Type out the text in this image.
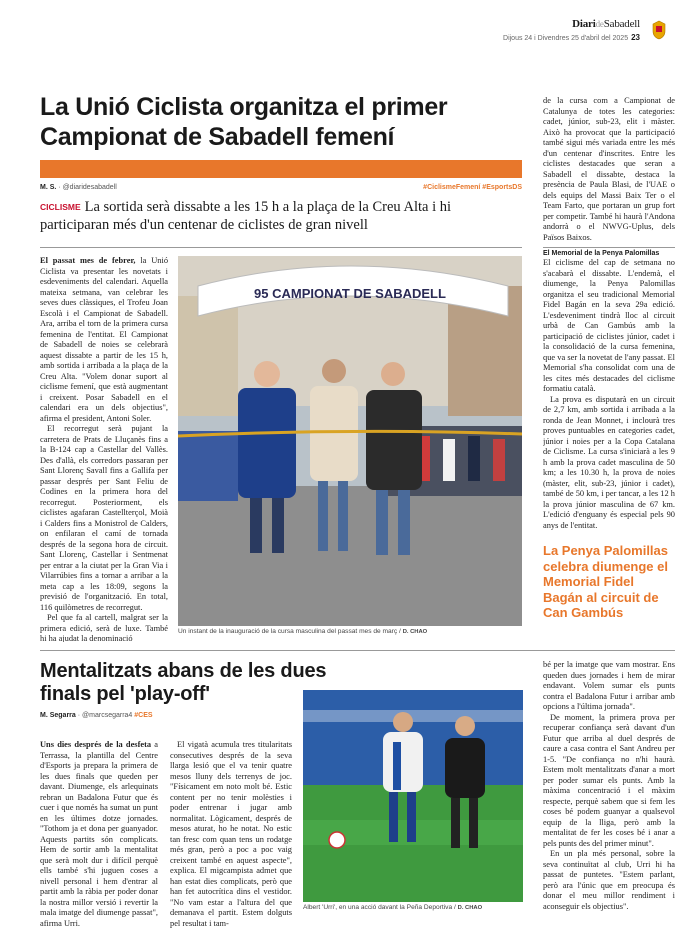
DiarideSabadell
Dijous 24 i Divendres 25 d'abril del 2025 23
La Unió Ciclista organitza el primer Campionat de Sabadell femení
M. S. · @diaridesabadell	#CiclismeFemení #EsportsDS
CICLISME La sortida serà dissabte a les 15 h a la plaça de la Creu Alta i hi participaran més d'un centenar de ciclistes de gran nivell

El passat mes de febrer, la Unió Ciclista va presentar les novetats i esdeveniments del calendari. Aquella mateixa setmana, van celebrar les seves dues clàssiques, el Trofeu Joan Escolà i el Campionat de Sabadell. Ara, arriba el torn de la primera cursa femenina de l'entitat. El Campionat de Sabadell de noies se celebrarà aquest dissabte a partir de les 15 h, amb sortida i arribada a la plaça de la Creu Alta. "Volem donar suport al ciclisme femení, que està augmentant i creixent. Posar Sabadell en el calendari era un dels objectius", afirma el president, Antoni Soler.

El recorregut serà pujant la carretera de Prats de Lluçanès fins a la B-124 cap a Castellar del Vallès. Des d'allà, els corredors passaran per Sant Llorenç Savall fins a Gallifa per passar després per Sant Feliu de Codines en la primera hora del recorregut. Posteriorment, els ciclistes agafaran Castellterçol, Moià i Calders fins a Monistrol de Calders, on enfilaran el camí de tornada després de la segona hora de circuit. Sant Llorenç, Castellar i Sentmenat per entrar a la ciutat per la Gran Via i Vilarrúbies fins a tornar a arribar a la meta cap a les 18:09, segons la previsió de l'organització. En total, 116 quilòmetres de recorregut.

Pel que fa al cartell, malgrat ser la primera edició, serà de luxe. També hi ha ajudat la denominació

95 CAMPIONAT DE SABADELL
Un instant de la inauguració de la cursa masculina del passat mes de març / D. CHAO
de la cursa com a Campionat de Catalunya de totes les categories: cadet, júnior, sub-23, elit i màster. Això ha provocat que la participació també sigui més variada entre les més d'un centenar d'inscrites. Entre les ciclistes destacades que seran a Sabadell el dissabte, destaca la presència de Paula Blasi, de l'UAE o dels equips del Massi Baix Ter o el Team Farto, que portaran un grup fort per competir. També hi haurà l'Andona andorrà o el NWVG-Uplus, dels Països Baixos.
El Memorial de la Penya Palomillas

El ciclisme del cap de setmana no s'acabarà el dissabte. L'endemà, el diumenge, la Penya Palomillas organitza el seu tradicional Memorial Fidel Bagán en la seva 29a edició. L'esdeveniment tindrà lloc al circuit urbà de Can Gambús amb la participació de ciclistes júnior, cadet i la consolidació de la cursa femenina, que va ser la novetat de l'any passat. El Memorial s'ha consolidat com una de les cites més destacades del ciclisme formatiu català.

La prova es disputarà en un circuit de 2,7 km, amb sortida i arribada a la ronda de Jean Monnet, i inclourà tres proves puntuables en categories cadet, júnior i noies per a la Copa Catalana de Ciclisme. La cursa s'iniciarà a les 9 h amb la prova cadet masculina de 50 km; a les 10.30 h, la prova de noies (màster, elit, sub-23, júnior i cadet), també de 50 km, i per tancar, a les 12 h la prova júnior masculina de 67 km. L'edició d'enguany és especial pels 90 anys de l'entitat.

La Penya Palomillas celebra diumenge el Memorial Fidel Bagán al circuit de Can Gambús
Mentalitzats abans de les dues finals pel 'play-off'
M. Segarra · @marcsegarra4 #CES

Uns dies després de la desfeta a Terrassa, la plantilla del Centre d'Esports ja prepara la primera de les dues finals que queden per davant. Diumenge, els arlequinats rebran un Badalona Futur que és cuer i que només ha sumat un punt en les últimes dotze jornades. "Tothom ja et dona per guanyador. Aquests partits són complicats. Hem de sortir amb la mentalitat que serà molt dur i difícil perquè ells també s'hi juguen coses a nivell personal i hem d'entrar al partit amb la ràbia per poder donar la nostra millor versió i revertir la mala imatge del diumenge passat", afirma Urri.

El vigatà acumula tres titularitats consecutives després de la seva llarga lesió que el va tenir quatre mesos lluny dels terrenys de joc. "Físicament em noto molt bé. Estic content per no tenir molèsties i poder entrenar i jugar amb normalitat. Lògicament, després de mesos aturat, ho he notat. No estic tan fresc com quan tens un rodatge més gran, però a poc a poc vaig creixent també en aquest aspecte", explica. El migcampista admet que han estat dies complicats, però que han fet autocrítica dins el vestidor. "No vam estar a l'altura del que demanava el partit. Estem dolguts pel resultat i tam-

Albert 'Urri', en una acció davant la Peña Deportiva / D. CHAO

bé per la imatge que vam mostrar. Ens queden dues jornades i hem de mirar endavant. Volem sumar els punts contra el Badalona Futur i arribar amb opcions a l'última jornada".

De moment, la primera prova per recuperar confiança serà davant d'un Futur que arriba al duel després de caure a casa contra el Sant Andreu per 1-5. "De confiança no n'hi haurà. Estem molt mentalitzats d'anar a mort per poder sumar els punts. Amb la màxima concentració i el màxim respecte, perquè sabem que si fem les coses bé podem guanyar a qualsevol equip de la lliga, però amb la mentalitat de fer les coses bé i anar a pels punts des del primer minut".

En un pla més personal, sobre la seva continuïtat al club, Urri hi ha passat de puntetes. "Estem parlant, però ara l'únic que em preocupa és donar el meu millor rendiment i aconseguir els objectius".
